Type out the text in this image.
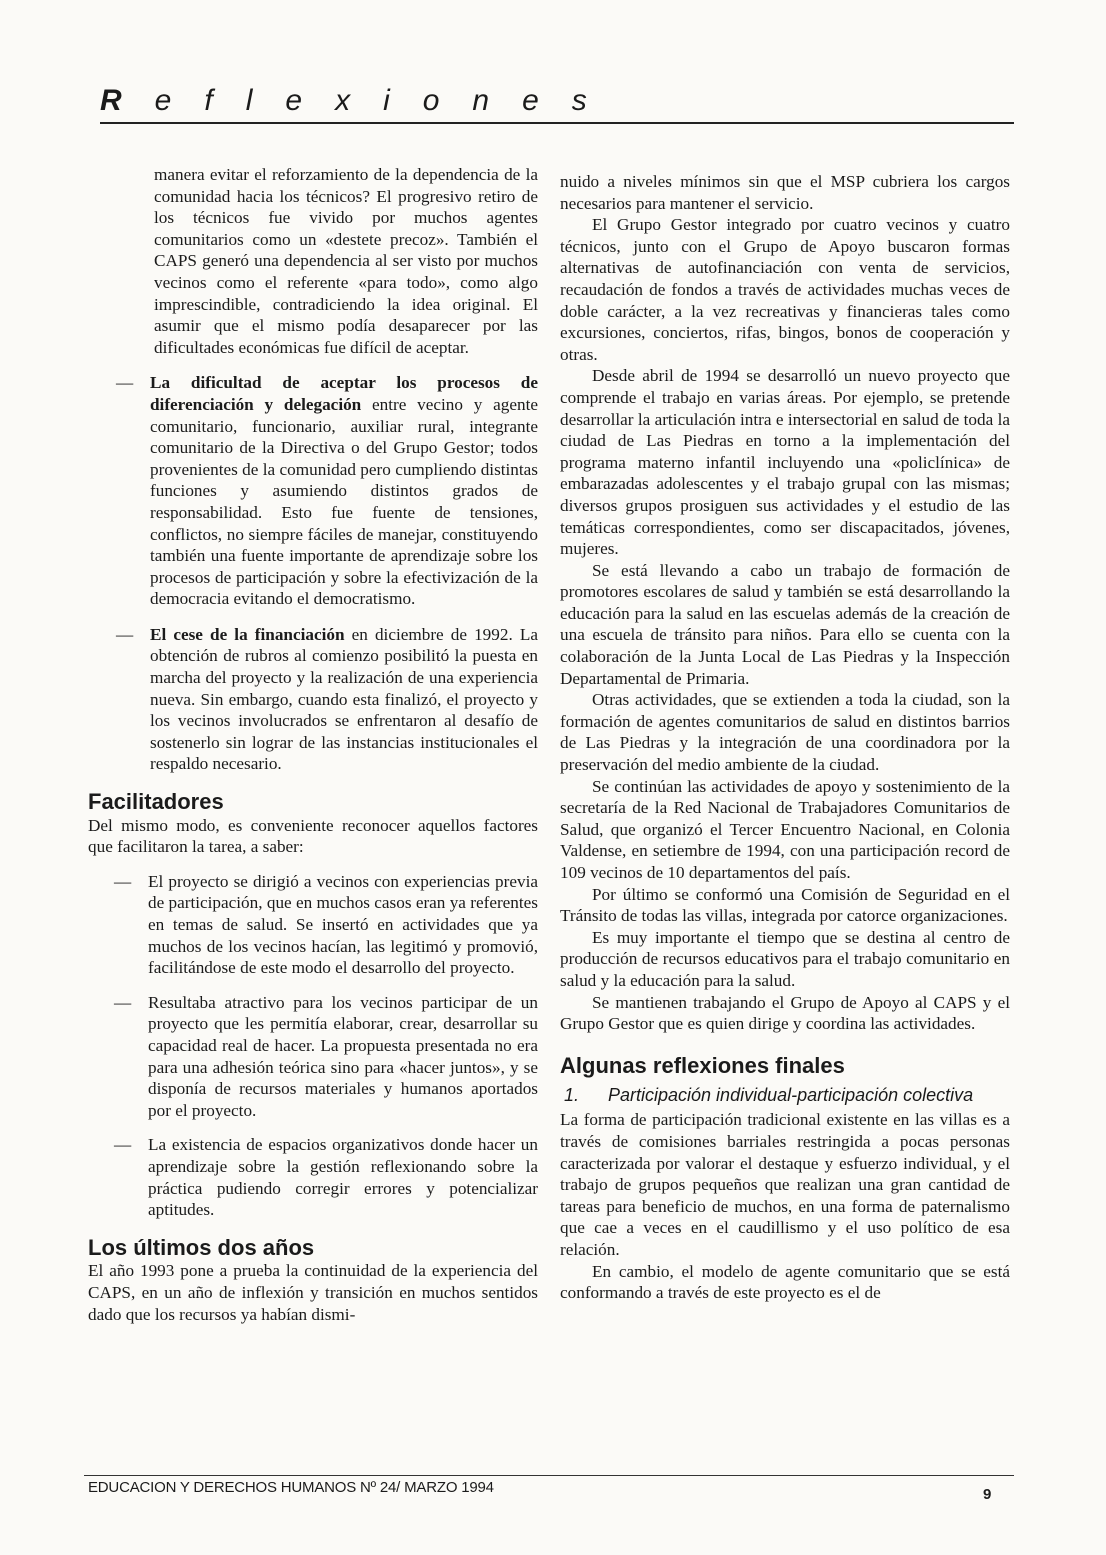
R e f l e x i o n e s

manera evitar el reforzamiento de la dependencia de la comunidad hacia los técnicos? El progresivo retiro de los técnicos fue vivido por muchos agentes comunitarios como un «destete precoz». También el CAPS generó una dependencia al ser visto por muchos vecinos como el referente «para todo», como algo imprescindible, contradiciendo la idea original. El asumir que el mismo podía desaparecer por las dificultades económicas fue difícil de aceptar.

— La dificultad de aceptar los procesos de diferenciación y delegación entre vecino y agente comunitario, funcionario, auxiliar rural, integrante comunitario de la Directiva o del Grupo Gestor; todos provenientes de la comunidad pero cumpliendo distintas funciones y asumiendo distintos grados de responsabilidad. Esto fue fuente de tensiones, conflictos, no siempre fáciles de manejar, constituyendo también una fuente importante de aprendizaje sobre los procesos de participación y sobre la efectivización de la democracia evitando el democratismo.
— El cese de la financiación en diciembre de 1992. La obtención de rubros al comienzo posibilitó la puesta en marcha del proyecto y la realización de una experiencia nueva. Sin embargo, cuando esta finalizó, el proyecto y los vecinos involucrados se enfrentaron al desafío de sostenerlo sin lograr de las instancias institucionales el respaldo necesario.
Facilitadores

Del mismo modo, es conveniente reconocer aquellos factores que facilitaron la tarea, a saber:

— El proyecto se dirigió a vecinos con experiencias previa de participación, que en muchos casos eran ya referentes en temas de salud. Se insertó en actividades que ya muchos de los vecinos hacían, las legitimó y promovió, facilitándose de este modo el desarrollo del proyecto.
— Resultaba atractivo para los vecinos participar de un proyecto que les permitía elaborar, crear, desarrollar su capacidad real de hacer. La propuesta presentada no era para una adhesión teórica sino para «hacer juntos», y se disponía de recursos materiales y humanos aportados por el proyecto.
— La existencia de espacios organizativos donde hacer un aprendizaje sobre la gestión reflexionando sobre la práctica pudiendo corregir errores y potencializar aptitudes.
Los últimos dos años

El año 1993 pone a prueba la continuidad de la experiencia del CAPS, en un año de inflexión y transición en muchos sentidos dado que los recursos ya habían dismi-

nuido a niveles mínimos sin que el MSP cubriera los cargos necesarios para mantener el servicio.

El Grupo Gestor integrado por cuatro vecinos y cuatro técnicos, junto con el Grupo de Apoyo buscaron formas alternativas de autofinanciación con venta de servicios, recaudación de fondos a través de actividades muchas veces de doble carácter, a la vez recreativas y financieras tales como excursiones, conciertos, rifas, bingos, bonos de cooperación y otras.

Desde abril de 1994 se desarrolló un nuevo proyecto que comprende el trabajo en varias áreas. Por ejemplo, se pretende desarrollar la articulación intra e intersectorial en salud de toda la ciudad de Las Piedras en torno a la implementación del programa materno infantil incluyendo una «policlínica» de embarazadas adolescentes y el trabajo grupal con las mismas; diversos grupos prosiguen sus actividades y el estudio de las temáticas correspondientes, como ser discapacitados, jóvenes, mujeres.

Se está llevando a cabo un trabajo de formación de promotores escolares de salud y también se está desarrollando la educación para la salud en las escuelas además de la creación de una escuela de tránsito para niños. Para ello se cuenta con la colaboración de la Junta Local de Las Piedras y la Inspección Departamental de Primaria.

Otras actividades, que se extienden a toda la ciudad, son la formación de agentes comunitarios de salud en distintos barrios de Las Piedras y la integración de una coordinadora por la preservación del medio ambiente de la ciudad.

Se continúan las actividades de apoyo y sostenimiento de la secretaría de la Red Nacional de Trabajadores Comunitarios de Salud, que organizó el Tercer Encuentro Nacional, en Colonia Valdense, en setiembre de 1994, con una participación record de 109 vecinos de 10 departamentos del país.

Por último se conformó una Comisión de Seguridad en el Tránsito de todas las villas, integrada por catorce organizaciones.

Es muy importante el tiempo que se destina al centro de producción de recursos educativos para el trabajo comunitario en salud y la educación para la salud.

Se mantienen trabajando el Grupo de Apoyo al CAPS y el Grupo Gestor que es quien dirige y coordina las actividades.

Algunas reflexiones finales
1. Participación individual-participación colectiva

La forma de participación tradicional existente en las villas es a través de comisiones barriales restringida a pocas personas caracterizada por valorar el destaque y esfuerzo individual, y el trabajo de grupos pequeños que realizan una gran cantidad de tareas para beneficio de muchos, en una forma de paternalismo que cae a veces en el caudillismo y el uso político de esa relación.

En cambio, el modelo de agente comunitario que se está conformando a través de este proyecto es el de

EDUCACION Y DERECHOS HUMANOS Nº 24/ MARZO 1994	9
